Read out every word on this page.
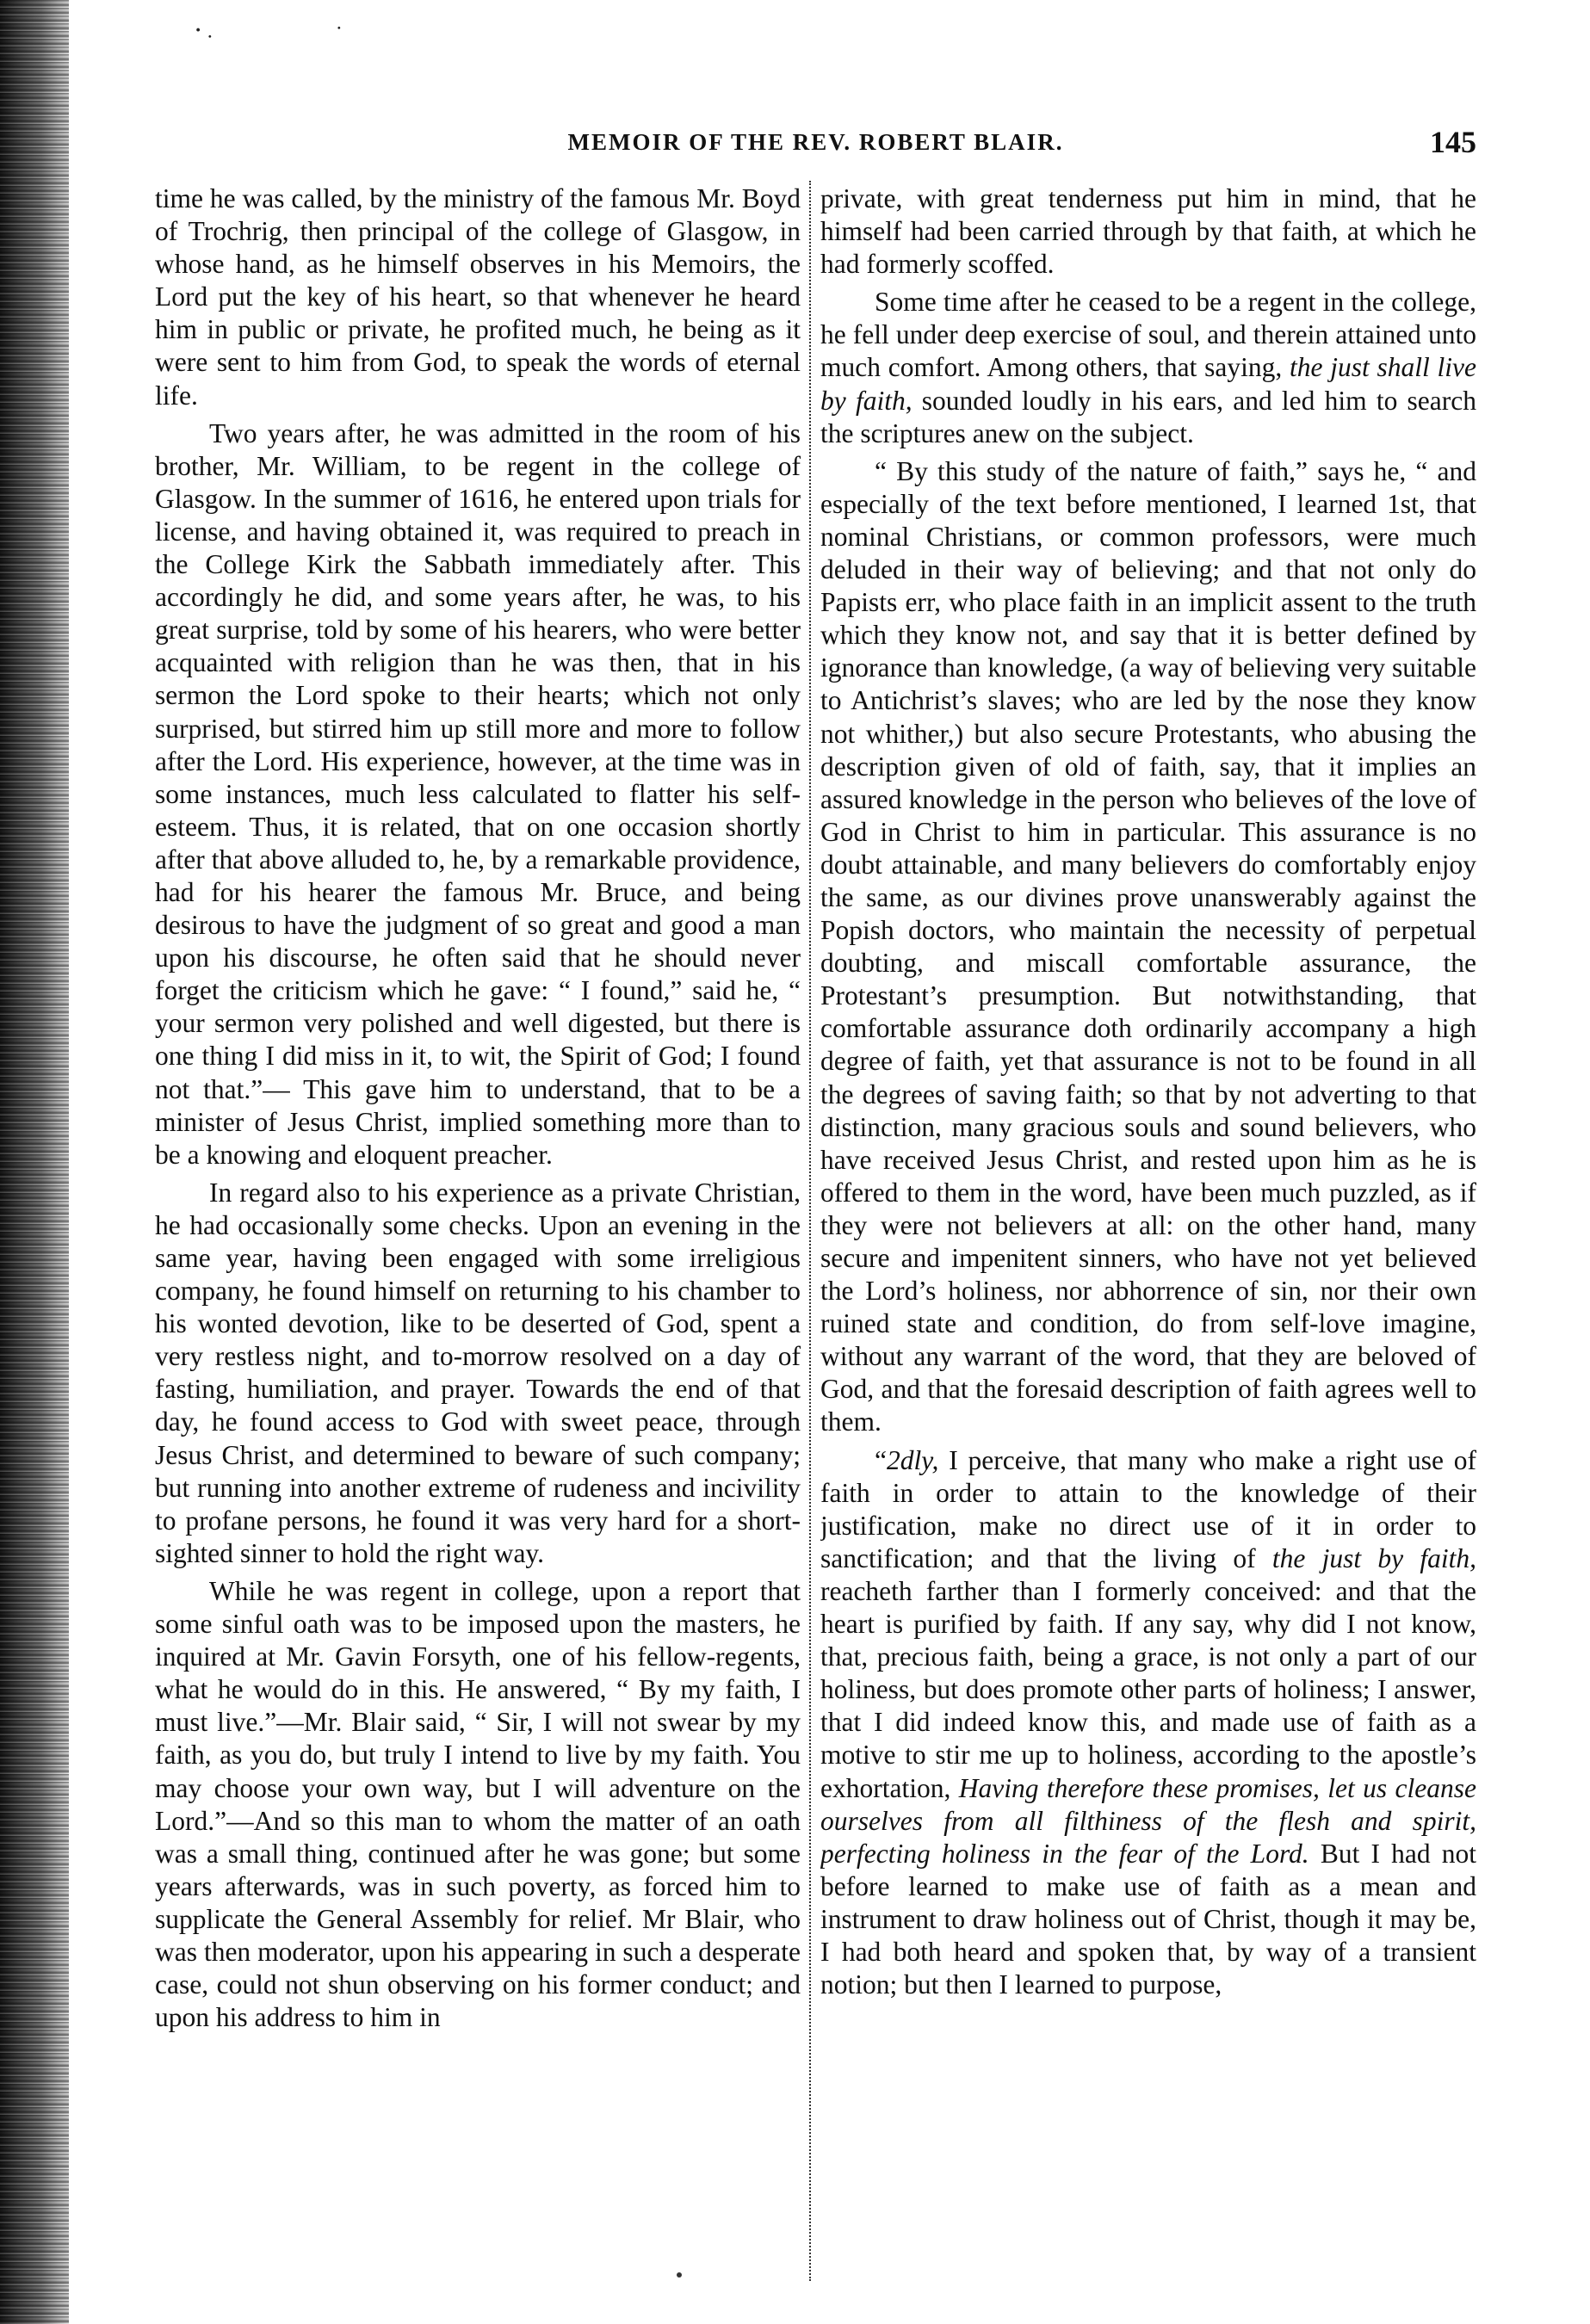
⋅ ⋅	⋅
MEMOIR OF THE REV. ROBERT BLAIR.	145

time he was called, by the ministry of the famous Mr. Boyd of Trochrig, then principal of the college of Glasgow, in whose hand, as he himself observes in his Memoirs, the Lord put the key of his heart, so that whenever he heard him in public or private, he profited much, he being as it were sent to him from God, to speak the words of eternal life.

Two years after, he was admitted in the room of his brother, Mr. William, to be regent in the college of Glasgow. In the summer of 1616, he entered upon trials for license, and having obtained it, was required to preach in the College Kirk the Sabbath immediately after. This accordingly he did, and some years after, he was, to his great surprise, told by some of his hearers, who were better acquainted with religion than he was then, that in his sermon the Lord spoke to their hearts; which not only surprised, but stirred him up still more and more to follow after the Lord. His experience, however, at the time was in some instances, much less calculated to flatter his self-esteem. Thus, it is related, that on one occasion shortly after that above alluded to, he, by a remarkable providence, had for his hearer the famous Mr. Bruce, and being desirous to have the judgment of so great and good a man upon his discourse, he often said that he should never forget the criticism which he gave: “ I found,” said he, “ your sermon very polished and well digested, but there is one thing I did miss in it, to wit, the Spirit of God; I found not that.”— This gave him to understand, that to be a minister of Jesus Christ, implied something more than to be a knowing and eloquent preacher.

In regard also to his experience as a private Christian, he had occasionally some checks. Upon an evening in the same year, having been engaged with some irreligious company, he found himself on returning to his chamber to his wonted devotion, like to be deserted of God, spent a very restless night, and to-morrow resolved on a day of fasting, humiliation, and prayer. Towards the end of that day, he found access to God with sweet peace, through Jesus Christ, and determined to beware of such company; but running into another extreme of rudeness and incivility to profane persons, he found it was very hard for a short-sighted sinner to hold the right way.

While he was regent in college, upon a report that some sinful oath was to be imposed upon the masters, he inquired at Mr. Gavin Forsyth, one of his fellow-regents, what he would do in this. He answered, “ By my faith, I must live.”—Mr. Blair said, “ Sir, I will not swear by my faith, as you do, but truly I intend to live by my faith. You may choose your own way, but I will adventure on the Lord.”—And so this man to whom the matter of an oath was a small thing, continued after he was gone; but some years afterwards, was in such poverty, as forced him to supplicate the General Assembly for relief. Mr Blair, who was then moderator, upon his appearing in such a desperate case, could not shun observing on his former conduct; and upon his address to him in

private, with great tenderness put him in mind, that he himself had been carried through by that faith, at which he had formerly scoffed.

Some time after he ceased to be a regent in the college, he fell under deep exercise of soul, and therein attained unto much comfort. Among others, that saying, the just shall live by faith, sounded loudly in his ears, and led him to search the scriptures anew on the subject.

“ By this study of the nature of faith,” says he, “ and especially of the text before mentioned, I learned 1st, that nominal Christians, or common professors, were much deluded in their way of believing; and that not only do Papists err, who place faith in an implicit assent to the truth which they know not, and say that it is better defined by ignorance than knowledge, (a way of believing very suitable to Antichrist’s slaves; who are led by the nose they know not whither,) but also secure Protestants, who abusing the description given of old of faith, say, that it implies an assured knowledge in the person who believes of the love of God in Christ to him in particular. This assurance is no doubt attainable, and many believers do comfortably enjoy the same, as our divines prove unanswerably against the Popish doctors, who maintain the necessity of perpetual doubting, and miscall comfortable assurance, the Protestant’s presumption. But notwithstanding, that comfortable assurance doth ordinarily accompany a high degree of faith, yet that assurance is not to be found in all the degrees of saving faith; so that by not adverting to that distinction, many gracious souls and sound believers, who have received Jesus Christ, and rested upon him as he is offered to them in the word, have been much puzzled, as if they were not believers at all: on the other hand, many secure and impenitent sinners, who have not yet believed the Lord’s holiness, nor abhorrence of sin, nor their own ruined state and condition, do from self-love imagine, without any warrant of the word, that they are beloved of God, and that the foresaid description of faith agrees well to them.

“2dly, I perceive, that many who make a right use of faith in order to attain to the knowledge of their justification, make no direct use of it in order to sanctification; and that the living of the just by faith, reacheth farther than I formerly conceived: and that the heart is purified by faith. If any say, why did I not know, that, precious faith, being a grace, is not only a part of our holiness, but does promote other parts of holiness; I answer, that I did indeed know this, and made use of faith as a motive to stir me up to holiness, according to the apostle’s exhortation, Having therefore these promises, let us cleanse ourselves from all filthiness of the flesh and spirit, perfecting holiness in the fear of the Lord. But I had not before learned to make use of faith as a mean and instrument to draw holiness out of Christ, though it may be, I had both heard and spoken that, by way of a transient notion; but then I learned to purpose,
